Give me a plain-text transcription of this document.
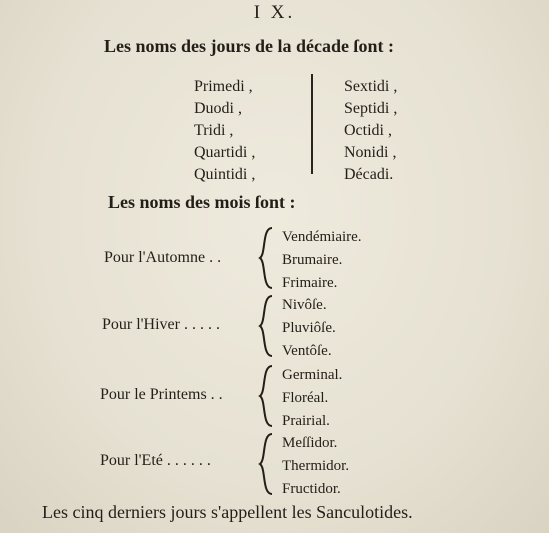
I X.
Les noms des jours de la décade ſont :
Primedi ,
Duodi ,
Tridi ,
Quartidi ,
Quintidi ,
Sextidi ,
Septidi ,
Octidi ,
Nonidi ,
Décadi.
Les noms des mois ſont :
Pour l'Automne . .
Vendémiaire.
Brumaire.
Frimaire.
Pour l'Hiver . . . . .
Nivôſe.
Pluviôſe.
Ventôſe.
Pour le Printems . .
Germinal.
Floréal.
Prairial.
Pour l'Eté . . . . . .
Meſſidor.
Thermidor.
Fructidor.
Les cinq derniers jours s'appellent les Sanculotides.
